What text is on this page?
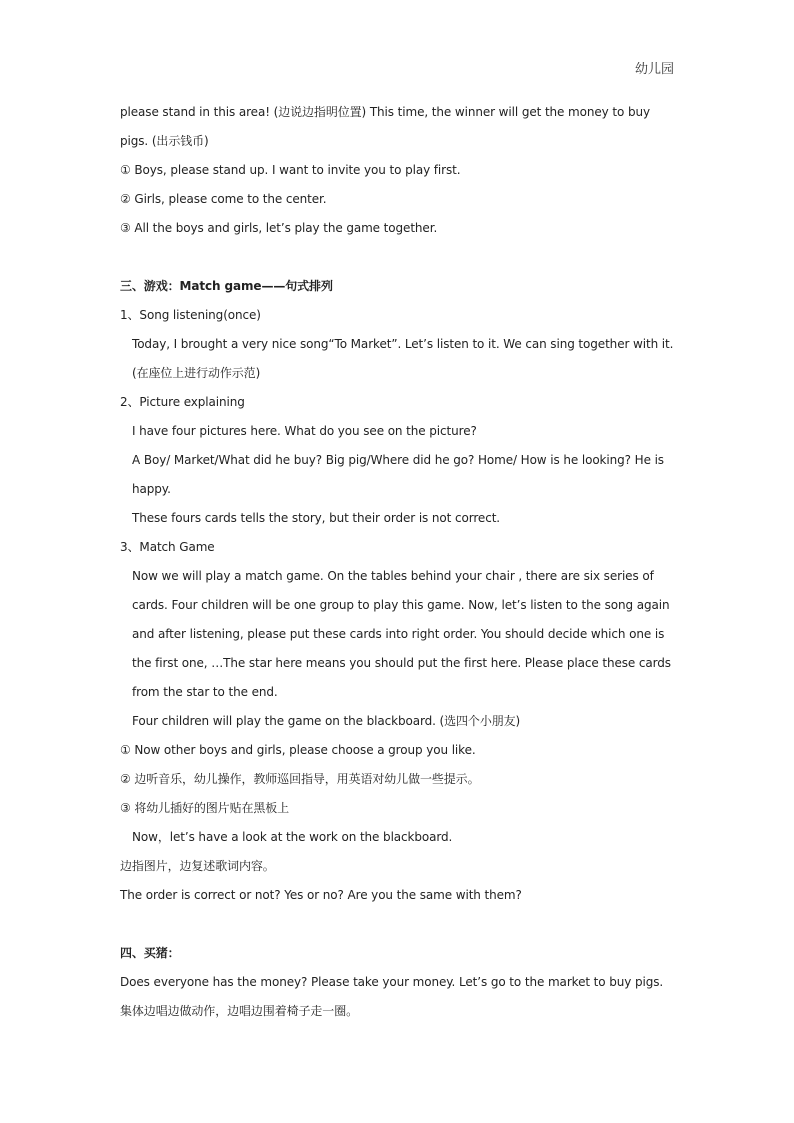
幼儿园

please stand in this area! (边说边指明位置) This time, the winner will get the money to buy pigs. (出示钱币)

① Boys, please stand up. I want to invite you to play first.

② Girls, please come to the center.

③ All the boys and girls, let’s play the game together.

三、游戏：Match game——句式排列

1、Song listening(once)

Today, I brought a very nice song“To Market”. Let’s listen to it. We can sing together with it. (在座位上进行动作示范)

2、Picture explaining

I have four pictures here. What do you see on the picture?

A Boy/ Market/What did he buy? Big pig/Where did he go? Home/ How is he looking? He is happy.

These fours cards tells the story, but their order is not correct.

3、Match Game

Now we will play a match game. On the tables behind your chair , there are six series of cards. Four children will be one group to play this game. Now, let’s listen to the song again and after listening, please put these cards into right order. You should decide which one is the first one, …The star here means you should put the first here. Please place these cards from the star to the end.

Four children will play the game on the blackboard. (选四个小朋友)

① Now other boys and girls, please choose a group you like.

② 边听音乐，幼儿操作，教师巡回指导，用英语对幼儿做一些提示。

③ 将幼儿插好的图片贴在黑板上

Now，let’s have a look at the work on the blackboard.

边指图片，边复述歌词内容。

The order is correct or not? Yes or no? Are you the same with them?

四、买猪：

Does everyone has the money? Please take your money. Let’s go to the market to buy pigs.

集体边唱边做动作，边唱边围着椅子走一圈。
